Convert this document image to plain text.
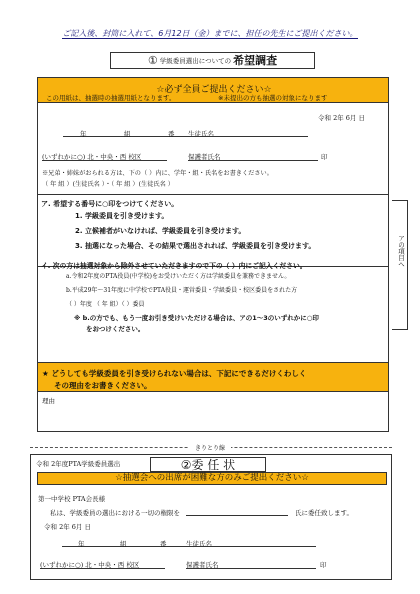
ご記入後、封筒に入れて、6月12日（金）までに、担任の先生にご提出ください。
① 学級委員選出についての 希望調査
☆必ず全員ご提出ください☆
この用紙は、抽選時の抽選用紙となります。	※未提出の方も抽選の対象になります
令和 2年 6月 日
年	組	番 生徒氏名
(いずれかに○) 北・中央・西 校区	保護者氏名	印
※兄弟・姉妹がおられる方は、下の（ ）内に、学年・組・氏名をお書きください。
（ 年 組 ）(生徒氏名 ）・（ 年 組 ）(生徒氏名 ）
ア. 希望する番号に○印をつけてください。
1. 学級委員を引き受けます。
2. 立候補者がいなければ、学級委員を引き受けます。
3. 抽選になった場合、その結果で選出されれば、学級委員を引き受けます。
イ. 次の方は抽選対象から除外させていただきますので下の（ ）内にご記入ください。
a.令和2年度のPTA役員(中学校)をお受けいただく方は学級委員を兼務できません。
b.平成29年～31年度に中学校でPTA役員・運営委員・学級委員・校区委員をされた方
（ ）年度 （ 年 組）（ ）委員
※ b.の方でも、もう一度お引き受けいただける場合は、アの1～3のいずれかに○印
をおつけください。
アの項目へ
★ どうしても学級委員を引き受けられない場合は、下記にできるだけくわしく
その理由をお書きください。
理由
きりとり線
令和 2年度PTA学級委員選出	②委 任 状
☆抽選会への出席が困難な方のみご提出ください☆
第一中学校 PTA会長様
私は、学級委員の選出における一切の権限を	氏に委任致します。
令和 2年 6月 日
年	組	番	生徒氏名
(いずれかに○) 北・中央・西 校区	保護者氏名	印
